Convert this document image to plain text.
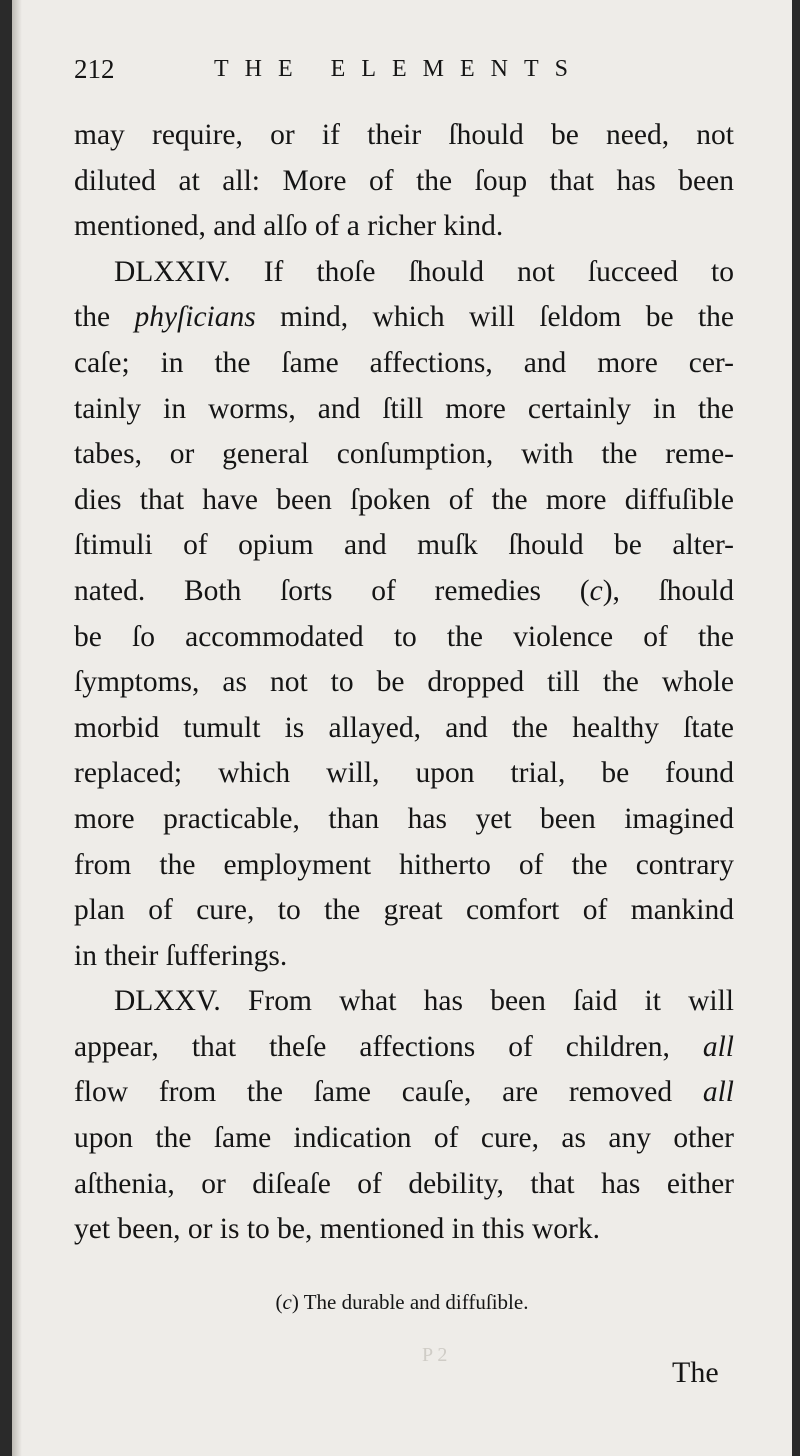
212	THE ELEMENTS
may require, or if their ſhould be need, not
diluted at all: More of the ſoup that has been
mentioned, and alſo of a richer kind.
DLXXIV. If thoſe ſhould not ſucceed to
the phyſicians mind, which will ſeldom be the
caſe; in the ſame affections, and more cer-
tainly in worms, and ſtill more certainly in the
tabes, or general conſumption, with the reme-
dies that have been ſpoken of the more diffuſible
ſtimuli of opium and muſk ſhould be alter-
nated. Both ſorts of remedies (c), ſhould
be ſo accommodated to the violence of the
ſymptoms, as not to be dropped till the whole
morbid tumult is allayed, and the healthy ſtate
replaced; which will, upon trial, be found
more practicable, than has yet been imagined
from the employment hitherto of the contrary
plan of cure, to the great comfort of mankind
in their ſufferings.
DLXXV. From what has been ſaid it will
appear, that theſe affections of children, all
flow from the ſame cauſe, are removed all
upon the ſame indication of cure, as any other
aſthenia, or diſeaſe of debility, that has either
yet been, or is to be, mentioned in this work.
(c) The durable and diffuſible.
P 2
The
